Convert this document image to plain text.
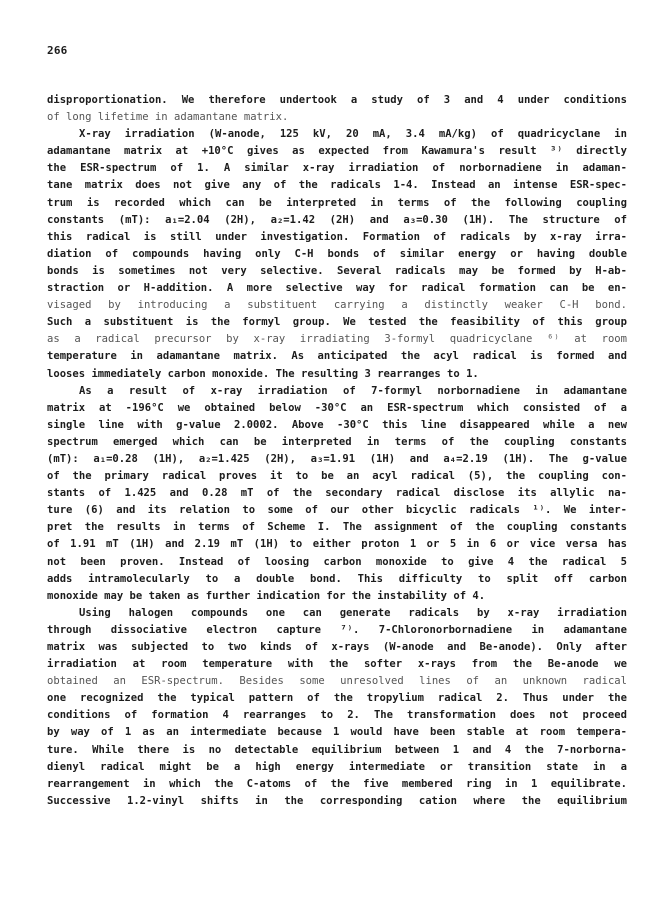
266
disproportionation. We therefore undertook a study of 3 and 4 under conditions
of long lifetime in adamantane matrix.
X-ray irradiation (W-anode, 125 kV, 20 mA, 3.4 mA/kg) of quadricyclane in
adamantane matrix at +10°C gives as expected from Kawamura's result ³⁾ directly
the ESR-spectrum of 1. A similar x-ray irradiation of norbornadiene in adaman-
tane matrix does not give any of the radicals 1-4. Instead an intense ESR-spec-
trum is recorded which can be interpreted in terms of the following coupling
constants (mT): a₁=2.04 (2H), a₂=1.42 (2H) and a₃=0.30 (1H). The structure of
this radical is still under investigation. Formation of radicals by x-ray irra-
diation of compounds having only C-H bonds of similar energy or having double
bonds is sometimes not very selective. Several radicals may be formed by H-ab-
straction or H-addition. A more selective way for radical formation can be en-
visaged by introducing a substituent carrying a distinctly weaker C-H bond.
Such a substituent is the formyl group. We tested the feasibility of this group
as a radical precursor by x-ray irradiating 3-formyl quadricyclane ⁶⁾ at room
temperature in adamantane matrix. As anticipated the acyl radical is formed and
looses immediately carbon monoxide. The resulting 3 rearranges to 1.
As a result of x-ray irradiation of 7-formyl norbornadiene in adamantane
matrix at -196°C we obtained below -30°C an ESR-spectrum which consisted of a
single line with g-value 2.0002. Above -30°C this line disappeared while a new
spectrum emerged which can be interpreted in terms of the coupling constants
(mT): a₁=0.28 (1H), a₂=1.425 (2H), a₃=1.91 (1H) and a₄=2.19 (1H). The g-value
of the primary radical proves it to be an acyl radical (5), the coupling con-
stants of 1.425 and 0.28 mT of the secondary radical disclose its allylic na-
ture (6) and its relation to some of our other bicyclic radicals ¹⁾. We inter-
pret the results in terms of Scheme I. The assignment of the coupling constants
of 1.91 mT (1H) and 2.19 mT (1H) to either proton 1 or 5 in 6 or vice versa has
not been proven. Instead of loosing carbon monoxide to give 4 the radical 5
adds intramolecularly to a double bond. This difficulty to split off carbon
monoxide may be taken as further indication for the instability of 4.
Using halogen compounds one can generate radicals by x-ray irradiation
through dissociative electron capture ⁷⁾. 7-Chloronorbornadiene in adamantane
matrix was subjected to two kinds of x-rays (W-anode and Be-anode). Only after
irradiation at room temperature with the softer x-rays from the Be-anode we
obtained an ESR-spectrum. Besides some unresolved lines of an unknown radical
one recognized the typical pattern of the tropylium radical 2. Thus under the
conditions of formation 4 rearranges to 2. The transformation does not proceed
by way of 1 as an intermediate because 1 would have been stable at room tempera-
ture. While there is no detectable equilibrium between 1 and 4 the 7-norborna-
dienyl radical might be a high energy intermediate or transition state in a
rearrangement in which the C-atoms of the five membered ring in 1 equilibrate.
Successive 1.2-vinyl shifts in the corresponding cation where the equilibrium
